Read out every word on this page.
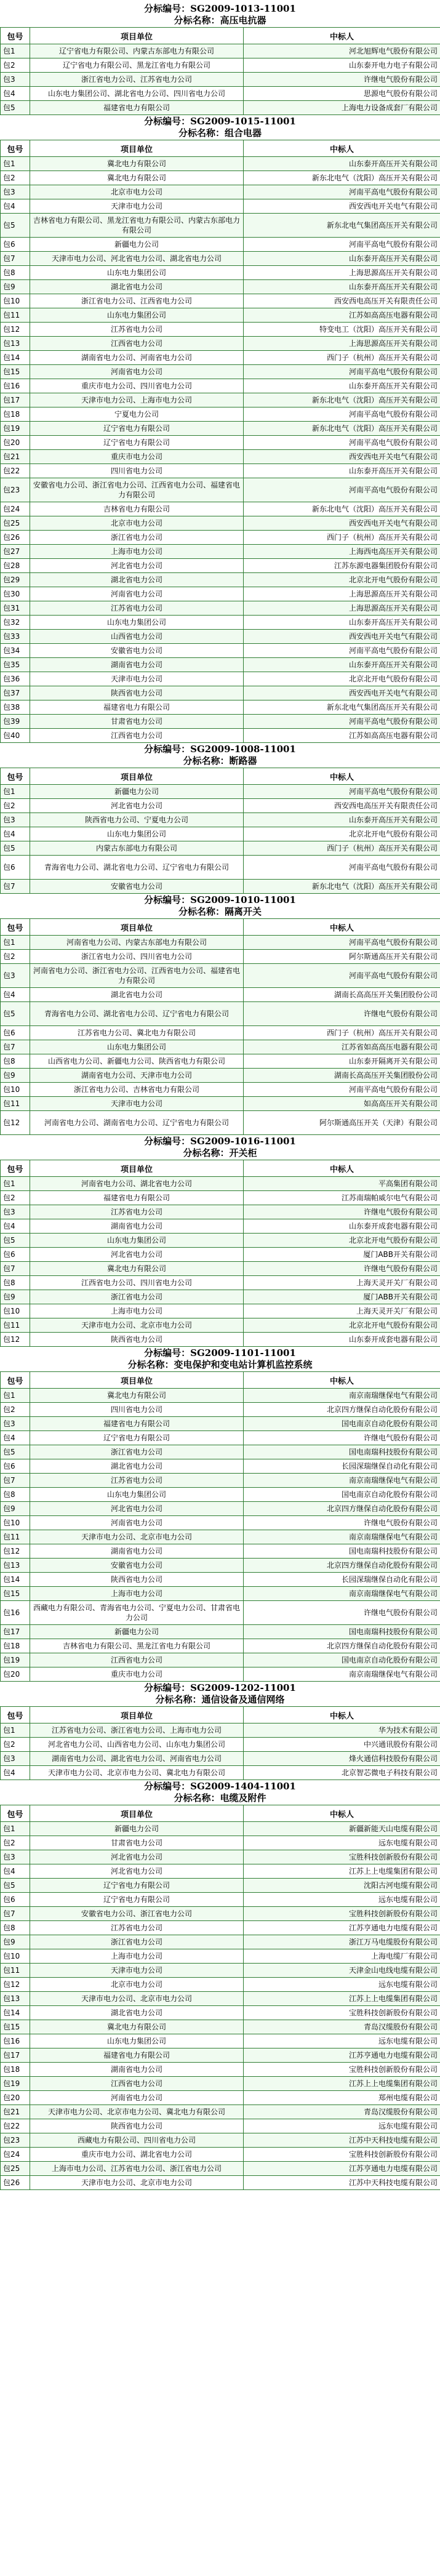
分标编号：SG2009-1013-11001
分标名称：高压电抗器
包号	项目单位	中标人
包1	辽宁省电力有限公司、内蒙古东部电力有限公司	河北旭辉电气股份有限公司
包2	辽宁省电力有限公司、黑龙江省电力有限公司	山东泰开电力电子有限公司
包3	浙江省电力公司、江苏省电力公司	许继电气股份有限公司
包4	山东电力集团公司、湖北省电力公司、四川省电力公司	思源电气股份有限公司
包5	福建省电力有限公司	上海电力设备成套厂有限公司
分标编号：SG2009-1015-11001
分标名称：组合电器
包号	项目单位	中标人
包1	冀北电力有限公司	山东泰开高压开关有限公司
包2	冀北电力有限公司	新东北电气（沈阳）高压开关有限公司
包3	北京市电力公司	河南平高电气股份有限公司
包4	天津市电力公司	西安西电开关电气有限公司
包5	吉林省电力有限公司、黑龙江省电力有限公司、内蒙古东部电力有限公司	新东北电气集团高压开关有限公司
包6	新疆电力公司	河南平高电气股份有限公司
包7	天津市电力公司、河北省电力公司、湖北省电力公司	山东泰开高压开关有限公司
包8	山东电力集团公司	上海思源高压开关有限公司
包9	湖北省电力公司	山东泰开高压开关有限公司
包10	浙江省电力公司、江西省电力公司	西安西电高压开关有限责任公司
包11	山东电力集团公司	江苏如高高压电器有限公司
包12	江苏省电力公司	特变电工（沈阳）高压开关有限公司
包13	江西省电力公司	上海思源高压开关有限公司
包14	湖南省电力公司、河南省电力公司	西门子（杭州）高压开关有限公司
包15	河南省电力公司	河南平高电气股份有限公司
包16	重庆市电力公司、四川省电力公司	山东泰开高压开关有限公司
包17	天津市电力公司、上海市电力公司	新东北电气（沈阳）高压开关有限公司
包18	宁夏电力公司	河南平高电气股份有限公司
包19	辽宁省电力有限公司	新东北电气（沈阳）高压开关有限公司
包20	辽宁省电力有限公司	河南平高电气股份有限公司
包21	重庆市电力公司	西安西电开关电气有限公司
包22	四川省电力公司	山东泰开高压开关有限公司
包23	安徽省电力公司、浙江省电力公司、江西省电力公司、福建省电力有限公司	河南平高电气股份有限公司
包24	吉林省电力有限公司	新东北电气（沈阳）高压开关有限公司
包25	北京市电力公司	西安西电开关电气有限公司
包26	浙江省电力公司	西门子（杭州）高压开关有限公司
包27	上海市电力公司	上海西电高压开关有限公司
包28	河北省电力公司	江苏东源电器集团股份有限公司
包29	湖北省电力公司	北京北开电气股份有限公司
包30	河南省电力公司	上海思源高压开关有限公司
包31	江苏省电力公司	上海思源高压开关有限公司
包32	山东电力集团公司	山东泰开高压开关有限公司
包33	山西省电力公司	西安西电开关电气有限公司
包34	安徽省电力公司	河南平高电气股份有限公司
包35	湖南省电力公司	山东泰开高压开关有限公司
包36	天津市电力公司	北京北开电气股份有限公司
包37	陕西省电力公司	西安西电开关电气有限公司
包38	福建省电力有限公司	新东北电气集团高压开关有限公司
包39	甘肃省电力公司	河南平高电气股份有限公司
包40	江西省电力公司	江苏如高高压电器有限公司
分标编号：SG2009-1008-11001
分标名称：断路器
包号	项目单位	中标人
包1	新疆电力公司	河南平高电气股份有限公司
包2	河北省电力公司	西安西电高压开关有限责任公司
包3	陕西省电力公司、宁夏电力公司	山东泰开高压开关有限公司
包4	山东电力集团公司	北京北开电气股份有限公司
包5	内蒙古东部电力有限公司	西门子（杭州）高压开关有限公司
包6	青海省电力公司、湖北省电力公司、辽宁省电力有限公司	河南平高电气股份有限公司
包7	安徽省电力公司	新东北电气（沈阳）高压开关有限公司
分标编号：SG2009-1010-11001
分标名称：隔离开关
包号	项目单位	中标人
包1	河南省电力公司、内蒙古东部电力有限公司	河南平高电气股份有限公司
包2	浙江省电力公司、四川省电力公司	阿尔斯通高压开关有限公司
包3	河南省电力公司、浙江省电力公司、江西省电力公司、福建省电力有限公司	河南平高电气股份有限公司
包4	湖北省电力公司	湖南长高高压开关集团股份公司
包5	青海省电力公司、湖北省电力公司、辽宁省电力有限公司	许继电气股份有限公司
包6	江苏省电力公司、冀北电力有限公司	西门子（杭州）高压开关有限公司
包7	山东电力集团公司	江苏省如高高压电器有限公司
包8	山西省电力公司、新疆电力公司、陕西省电力有限公司	山东泰开隔离开关有限公司
包9	湖南省电力公司、天津市电力公司	湖南长高高压开关集团股份公司
包10	浙江省电力公司、吉林省电力有限公司	河南平高电气股份有限公司
包11	天津市电力公司	如高高压开关有限公司
包12	河南省电力公司、湖南省电力公司、辽宁省电力有限公司	阿尔斯通高压开关（天津）有限公司
分标编号：SG2009-1016-11001
分标名称：开关柜
包号	项目单位	中标人
包1	河南省电力公司、湖北省电力公司	平高集团有限公司
包2	福建省电力有限公司	江苏南瑞帕威尔电气有限公司
包3	江苏省电力公司	许继电气股份有限公司
包4	湖南省电力公司	山东泰开成套电器有限公司
包5	山东电力集团公司	北京北开电气股份有限公司
包6	河北省电力公司	厦门ABB开关有限公司
包7	冀北电力有限公司	许继电气股份有限公司
包8	江西省电力公司、四川省电力公司	上海天灵开关厂有限公司
包9	浙江省电力公司	厦门ABB开关有限公司
包10	上海市电力公司	上海天灵开关厂有限公司
包11	天津市电力公司、北京市电力公司	北京北开电气股份有限公司
包12	陕西省电力公司	山东泰开成套电器有限公司
分标编号：SG2009-1101-11001
分标名称：变电保护和变电站计算机监控系统
包号	项目单位	中标人
包1	冀北电力有限公司	南京南瑞继保电气有限公司
包2	四川省电力公司	北京四方继保自动化股份有限公司
包3	福建省电力有限公司	国电南京自动化股份有限公司
包4	辽宁省电力有限公司	许继电气股份有限公司
包5	浙江省电力公司	国电南瑞科技股份有限公司
包6	湖北省电力公司	长园深瑞继保自动化有限公司
包7	江苏省电力公司	南京南瑞继保电气有限公司
包8	山东电力集团公司	国电南京自动化股份有限公司
包9	河北省电力公司	北京四方继保自动化股份有限公司
包10	河南省电力公司	许继电气股份有限公司
包11	天津市电力公司、北京市电力公司	南京南瑞继保电气有限公司
包12	湖南省电力公司	国电南瑞科技股份有限公司
包13	安徽省电力公司	北京四方继保自动化股份有限公司
包14	陕西省电力公司	长园深瑞继保自动化有限公司
包15	上海市电力公司	南京南瑞继保电气有限公司
包16	西藏电力有限公司、青海省电力公司、宁夏电力公司、甘肃省电力公司	许继电气股份有限公司
包17	新疆电力公司	国电南瑞科技股份有限公司
包18	吉林省电力有限公司、黑龙江省电力有限公司	北京四方继保自动化股份有限公司
包19	江西省电力公司	国电南京自动化股份有限公司
包20	重庆市电力公司	南京南瑞继保电气有限公司
分标编号：SG2009-1202-11001
分标名称：通信设备及通信网络
包号	项目单位	中标人
包1	江苏省电力公司、浙江省电力公司、上海市电力公司	华为技术有限公司
包2	河北省电力公司、山西省电力公司、山东电力集团公司	中兴通讯股份有限公司
包3	湖南省电力公司、湖北省电力公司、河南省电力公司	烽火通信科技股份有限公司
包4	天津市电力公司、北京市电力公司、冀北电力有限公司	北京智芯微电子科技有限公司
分标编号：SG2009-1404-11001
分标名称：电缆及附件
包号	项目单位	中标人
包1	新疆电力公司	新疆新能天山电缆有限公司
包2	甘肃省电力公司	远东电缆有限公司
包3	河北省电力公司	宝胜科技创新股份有限公司
包4	河北省电力公司	江苏上上电缆集团有限公司
包5	辽宁省电力有限公司	沈阳古河电缆有限公司
包6	辽宁省电力有限公司	远东电缆有限公司
包7	安徽省电力公司、浙江省电力公司	宝胜科技创新股份有限公司
包8	江苏省电力公司	江苏亨通电力电缆有限公司
包9	浙江省电力公司	浙江万马电缆股份有限公司
包10	上海市电力公司	上海电缆厂有限公司
包11	天津市电力公司	天津金山电线电缆有限公司
包12	北京市电力公司	远东电缆有限公司
包13	天津市电力公司、北京市电力公司	江苏上上电缆集团有限公司
包14	湖北省电力公司	宝胜科技创新股份有限公司
包15	冀北电力有限公司	青岛汉缆股份有限公司
包16	山东电力集团公司	远东电缆有限公司
包17	福建省电力有限公司	江苏亨通电力电缆有限公司
包18	湖南省电力公司	宝胜科技创新股份有限公司
包19	江西省电力公司	江苏上上电缆集团有限公司
包20	河南省电力公司	郑州电缆有限公司
包21	天津市电力公司、北京市电力公司、冀北电力有限公司	青岛汉缆股份有限公司
包22	陕西省电力公司	远东电缆有限公司
包23	西藏电力有限公司、四川省电力公司	江苏中天科技电缆有限公司
包24	重庆市电力公司、湖北省电力公司	宝胜科技创新股份有限公司
包25	上海市电力公司、江苏省电力公司、浙江省电力公司	江苏亨通电力电缆有限公司
包26	天津市电力公司、北京市电力公司	江苏中天科技电缆有限公司
